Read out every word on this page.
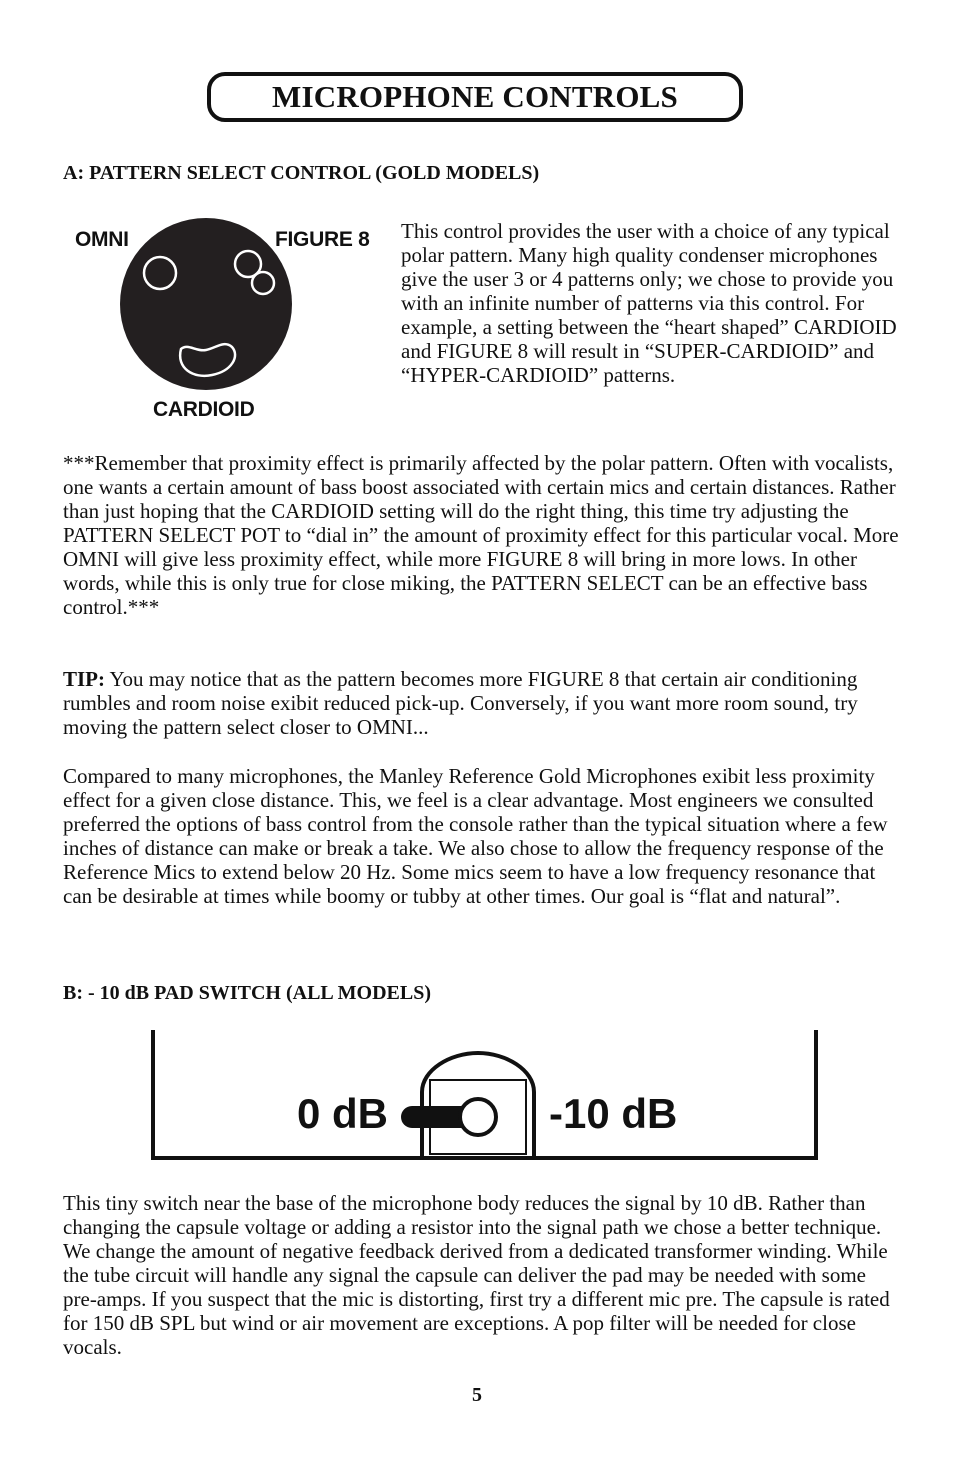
MICROPHONE CONTROLS
A: PATTERN SELECT CONTROL (GOLD MODELS)

OMNI	FIGURE 8

CARDIOID

This control provides the user with a choice of any typical polar pattern. Many high quality condenser microphones give the user 3 or 4 patterns only; we chose to provide you with an infinite number of patterns via this control. For example, a setting between the “heart shaped” CARDIOID and FIGURE 8 will result in “SUPER-CARDIOID” and “HYPER-CARDIOID” patterns.

***Remember that proximity effect is primarily affected by the polar pattern. Often with vocalists, one wants a certain amount of bass boost associated with certain mics and certain distances. Rather than just hoping that the CARDIOID setting will do the right thing, this time try adjusting the PATTERN SELECT POT to “dial in” the amount of proximity effect for this particular vocal. More OMNI will give less proximity effect, while more FIGURE 8 will bring in more lows. In other words, while this is only true for close miking, the PATTERN SELECT can be an effective bass control.***

TIP: You may notice that as the pattern becomes more FIGURE 8 that certain air conditioning rumbles and room noise exibit reduced pick-up. Conversely, if you want more room sound, try moving the pattern select closer to OMNI...

Compared to many microphones, the Manley Reference Gold Microphones exibit less proximity effect for a given close distance. This, we feel is a clear advantage. Most engineers we consulted preferred the options of bass control from the console rather than the typical situation where a few inches of distance can make or break a take. We also chose to allow the frequency response of the Reference Mics to extend below 20 Hz. Some mics seem to have a low frequency resonance that can be desirable at times while boomy or tubby at other times. Our goal is “flat and natural”.

B: - 10 dB PAD SWITCH (ALL MODELS)

0 dB	-10 dB

This tiny switch near the base of the microphone body reduces the signal by 10 dB. Rather than changing the capsule voltage or adding a resistor into the signal path we chose a better technique. We change the amount of negative feedback derived from a dedicated transformer winding. While the tube circuit will handle any signal the capsule can deliver the pad may be needed with some pre-amps. If you suspect that the mic is distorting, first try a different mic pre. The capsule is rated for 150 dB SPL but wind or air movement are exceptions. A pop filter will be needed for close vocals.

5
